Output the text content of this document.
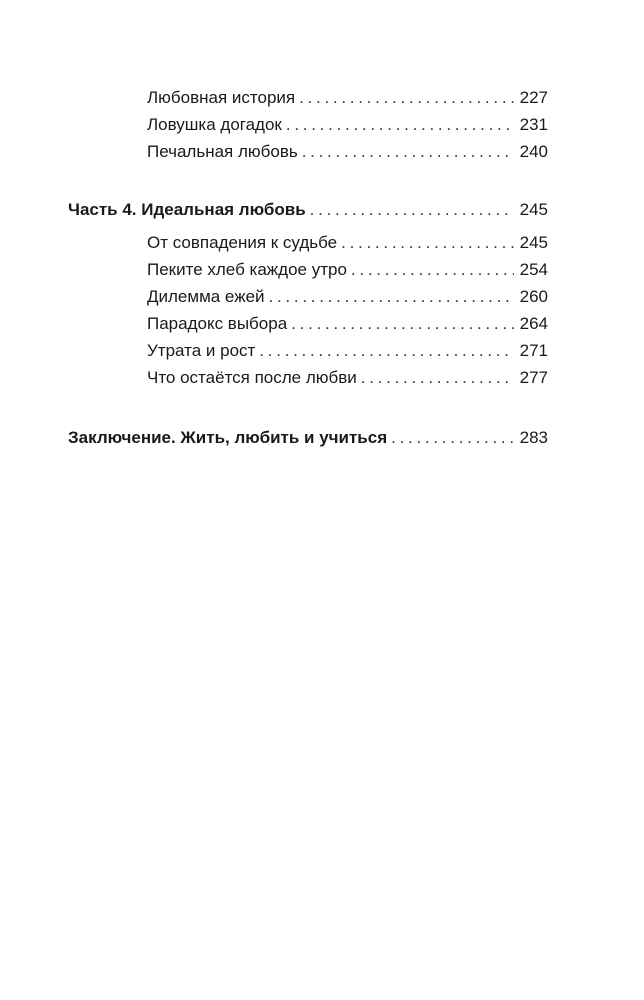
Любовная история . . .	227
Ловушка догадок . . .	231
Печальная любовь . . .	240
Часть 4. Идеальная любовь . . .	245
От совпадения к судьбе . . .	245
Пеките хлеб каждое утро . . .	254
Дилемма ежей . . .	260
Парадокс выбора . . .	264
Утрата и рост . . .	271
Что остаётся после любви . . .	277
Заключение. Жить, любить и учиться . . .	283
